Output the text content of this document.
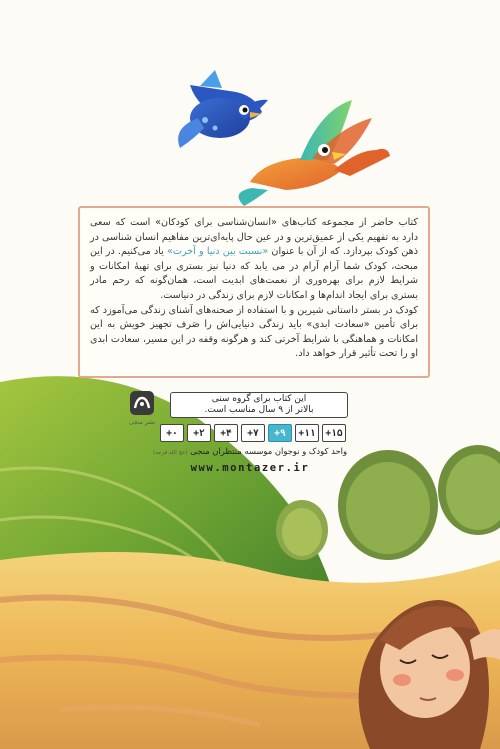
کتاب حاضر از مجموعه کتاب‌های «انسان‌شناسی برای کودکان» است که سعی دارد به تفهیم یکی از عمیق‌ترین و در عین حال پایه‌ای‌ترین مفاهیم انسان شناسی در ذهن کودک بپردازد. که از آن با عنوان «نسبت بین دنیا و آخرت» یاد می‌کنیم. در این مبحث، کودک شما آرام آرام در می یابد که دنیا نیز بستری برای تهیهٔ امکانات و شرایط لازم برای بهره‌وری از نعمت‌های ابدیت است، همان‌گونه که رحم مادر بستری برای ایجاد اندام‌ها و امکانات لازم برای زندگی در دنیاست.

کودک در بستر داستانی شیرین و با استفاده از صحنه‌های آشنای زندگی می‌آموزد که برای تأمین «سعادت ابدی» باید زندگی دنیایی‌اش را صَرف تجهیز خویش به این امکانات و هماهنگی با شرایط آخرتی کند و هرگونه وقفه در این مسیر، سعادت ابدی او را تحت تأثیر قرار خواهد داد.

نشر منجی
این کتاب برای گروه سنی
بالاتر از ۹ سال مناسب است.
+۱۵
+۱۱
+۹
+۷
+۴
+۲
+۰
واحد کودک و نوجوان موسسه منتظران منجی (عج الله فرجه)
www.montazer.ir
